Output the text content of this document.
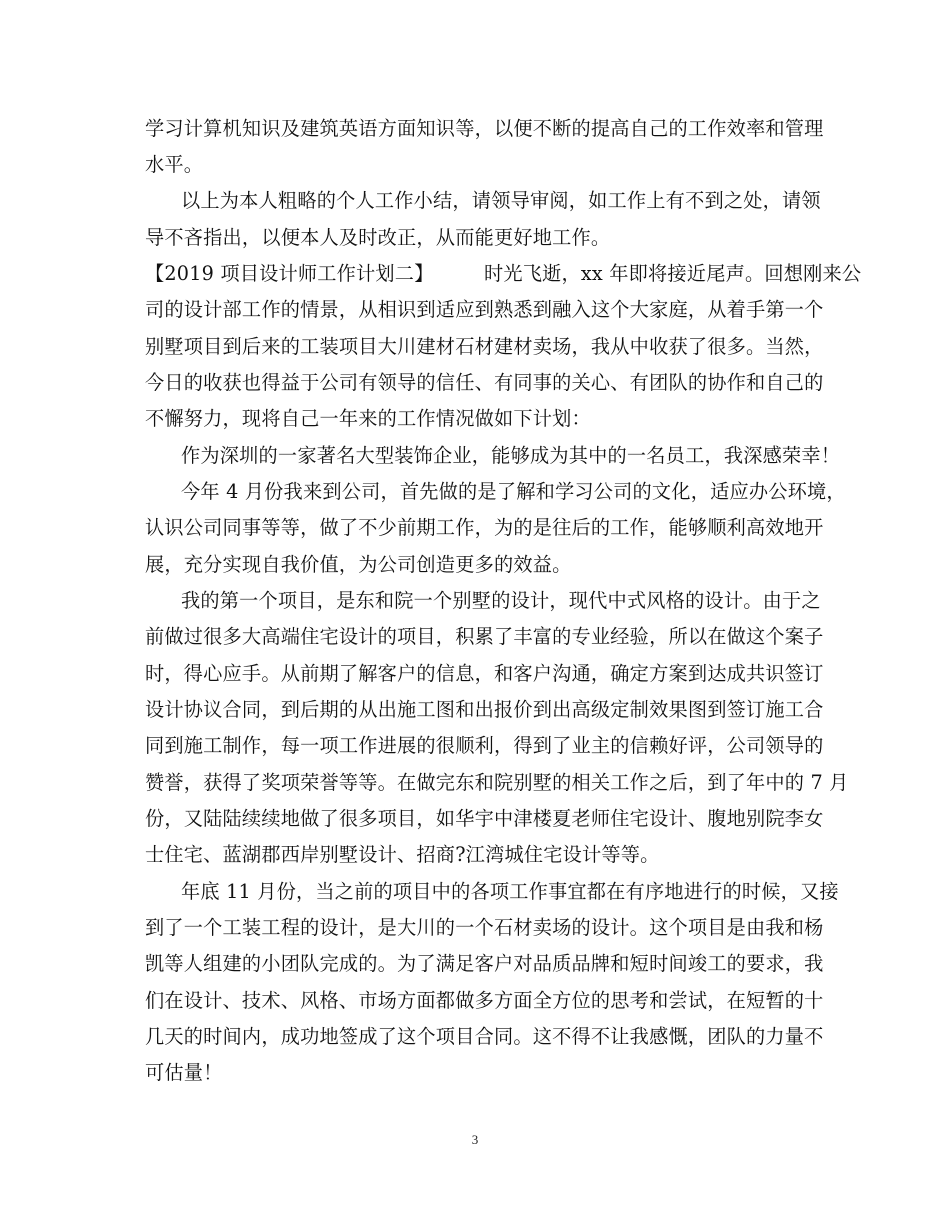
学习计算机知识及建筑英语方面知识等，以便不断的提高自己的工作效率和管理
水平。
以上为本人粗略的个人工作小结，请领导审阅，如工作上有不到之处，请领
导不吝指出，以便本人及时改正，从而能更好地工作。
【2019 项目设计师工作计划二】        时光飞逝，xx 年即将接近尾声。回想刚来公
司的设计部工作的情景，从相识到适应到熟悉到融入这个大家庭，从着手第一个
别墅项目到后来的工装项目大川建材石材建材卖场，我从中收获了很多。当然，
今日的收获也得益于公司有领导的信任、有同事的关心、有团队的协作和自己的
不懈努力，现将自己一年来的工作情况做如下计划：
作为深圳的一家著名大型装饰企业，能够成为其中的一名员工，我深感荣幸！
今年 4 月份我来到公司，首先做的是了解和学习公司的文化，适应办公环境，
认识公司同事等等，做了不少前期工作，为的是往后的工作，能够顺利高效地开
展，充分实现自我价值，为公司创造更多的效益。
我的第一个项目，是东和院一个别墅的设计，现代中式风格的设计。由于之
前做过很多大高端住宅设计的项目，积累了丰富的专业经验，所以在做这个案子
时，得心应手。从前期了解客户的信息，和客户沟通，确定方案到达成共识签订
设计协议合同，到后期的从出施工图和出报价到出高级定制效果图到签订施工合
同到施工制作，每一项工作进展的很顺利，得到了业主的信赖好评，公司领导的
赞誉，获得了奖项荣誉等等。在做完东和院别墅的相关工作之后，到了年中的 7 月
份，又陆陆续续地做了很多项目，如华宇中津楼夏老师住宅设计、腹地别院李女
士住宅、蓝湖郡西岸别墅设计、招商?江湾城住宅设计等等。
年底 11 月份，当之前的项目中的各项工作事宜都在有序地进行的时候，又接
到了一个工装工程的设计，是大川的一个石材卖场的设计。这个项目是由我和杨
凯等人组建的小团队完成的。为了满足客户对品质品牌和短时间竣工的要求，我
们在设计、技术、风格、市场方面都做多方面全方位的思考和尝试，在短暂的十
几天的时间内，成功地签成了这个项目合同。这不得不让我感慨，团队的力量不
可估量！
3
